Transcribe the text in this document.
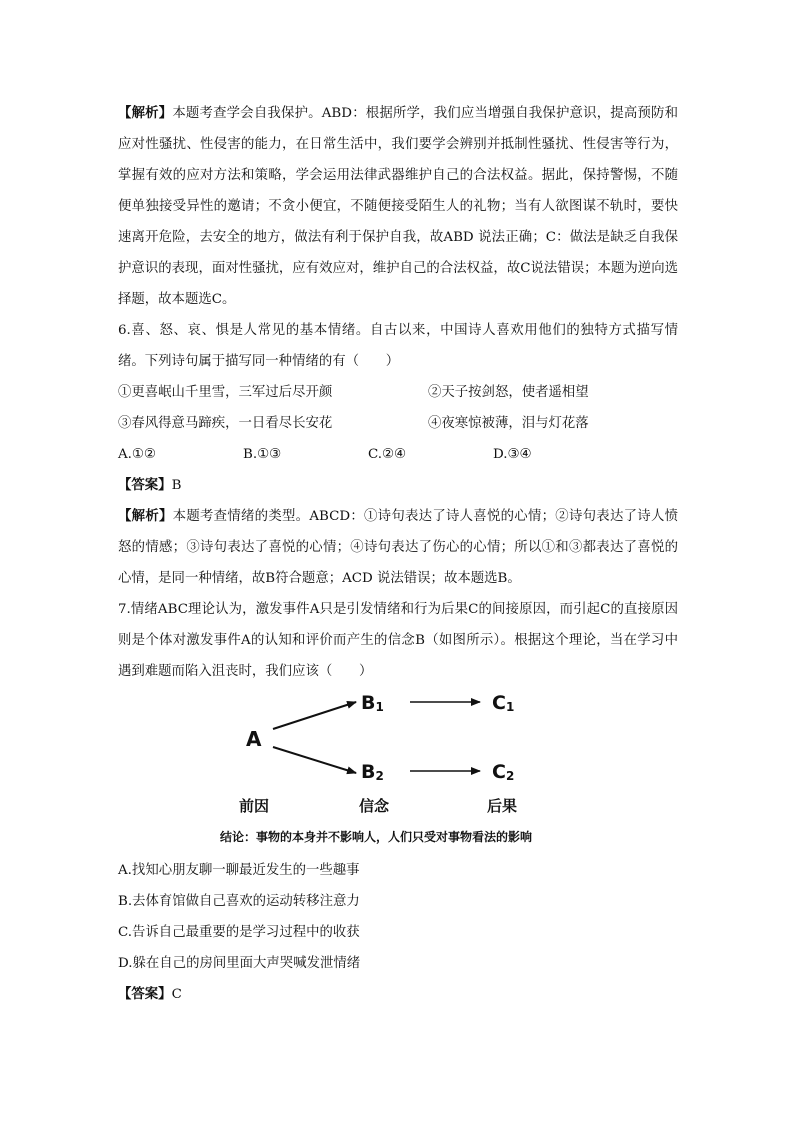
【解析】本题考查学会自我保护。ABD：根据所学，我们应当增强自我保护意识，提高预防和应对性骚扰、性侵害的能力，在日常生活中，我们要学会辨别并抵制性骚扰、性侵害等行为，掌握有效的应对方法和策略，学会运用法律武器维护自己的合法权益。据此，保持警惕，不随便单独接受异性的邀请；不贪小便宜，不随便接受陌生人的礼物；当有人欲图谋不轨时，要快速离开危险，去安全的地方，做法有利于保护自我，故ABD 说法正确；C：做法是缺乏自我保护意识的表现，面对性骚扰，应有效应对，维护自己的合法权益，故C说法错误；本题为逆向选择题，故本题选C。

6.喜、怒、哀、惧是人常见的基本情绪。自古以来，中国诗人喜欢用他们的独特方式描写情绪。下列诗句属于描写同一种情绪的有（　　）

①更喜岷山千里雪，三军过后尽开颜	②天子按剑怒，使者遥相望
③春风得意马蹄疾，一日看尽长安花	④夜寒惊被薄，泪与灯花落
A.①②	B.①③	C.②④	D.③④

【答案】B

【解析】本题考查情绪的类型。ABCD：①诗句表达了诗人喜悦的心情；②诗句表达了诗人愤怒的情感；③诗句表达了喜悦的心情；④诗句表达了伤心的心情；所以①和③都表达了喜悦的心情，是同一种情绪，故B符合题意；ACD 说法错误；故本题选B。

7.情绪ABC理论认为，激发事件A只是引发情绪和行为后果C的间接原因，而引起C的直接原因则是个体对激发事件A的认知和评价而产生的信念B（如图所示）。根据这个理论，当在学习中遇到难题而陷入沮丧时，我们应该（　　）

A
B1
B2
C1
C2
前因	信念	后果
结论：事物的本身并不影响人，人们只受对事物看法的影响
A.找知心朋友聊一聊最近发生的一些趣事
B.去体育馆做自己喜欢的运动转移注意力
C.告诉自己最重要的是学习过程中的收获
D.躲在自己的房间里面大声哭喊发泄情绪

【答案】C
